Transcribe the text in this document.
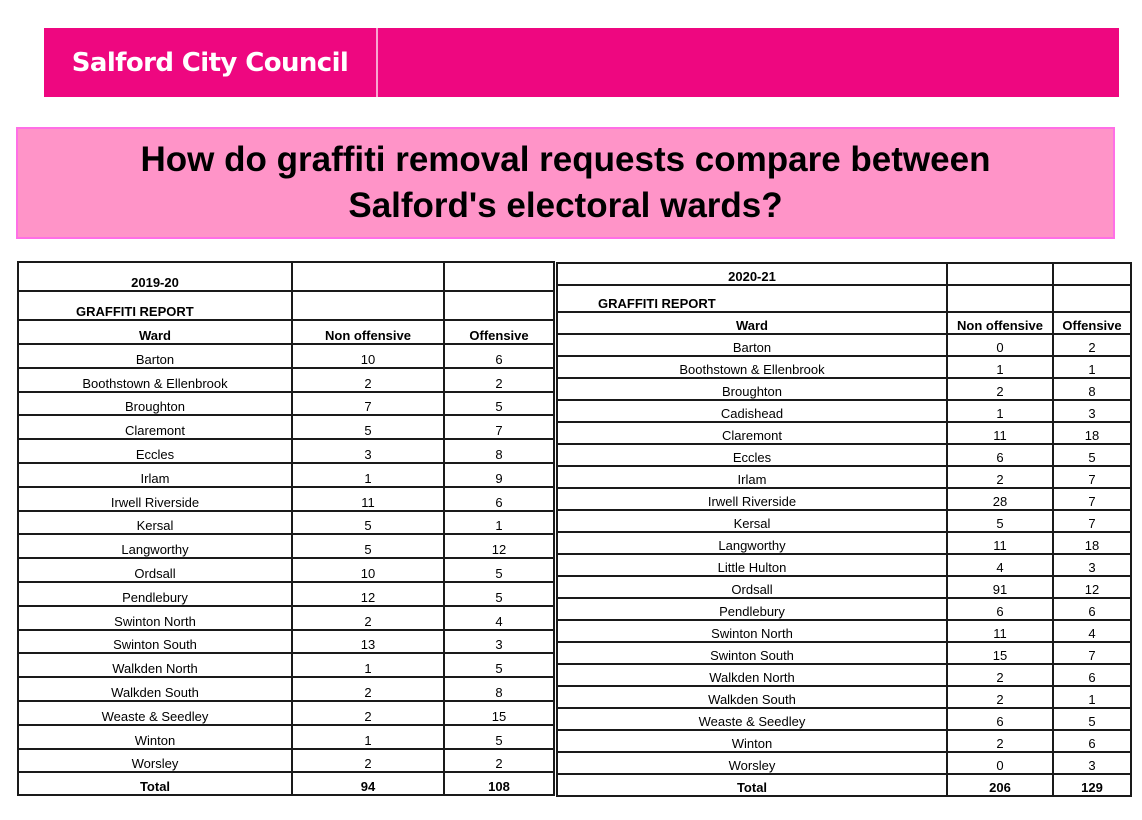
Salford City Council
How do graffiti removal requests compare between
Salford's electoral wards?
2019-20		
GRAFFITI REPORT		
Ward	Non offensive	Offensive
Barton	10	6
Boothstown & Ellenbrook	2	2
Broughton	7	5
Claremont	5	7
Eccles	3	8
Irlam	1	9
Irwell Riverside	11	6
Kersal	5	1
Langworthy	5	12
Ordsall	10	5
Pendlebury	12	5
Swinton North	2	4
Swinton South	13	3
Walkden North	1	5
Walkden South	2	8
Weaste & Seedley	2	15
Winton	1	5
Worsley	2	2
Total	94	108
2020-21		
GRAFFITI REPORT		
Ward	Non offensive	Offensive
Barton	0	2
Boothstown & Ellenbrook	1	1
Broughton	2	8
Cadishead	1	3
Claremont	11	18
Eccles	6	5
Irlam	2	7
Irwell Riverside	28	7
Kersal	5	7
Langworthy	11	18
Little Hulton	4	3
Ordsall	91	12
Pendlebury	6	6
Swinton North	11	4
Swinton South	15	7
Walkden North	2	6
Walkden South	2	1
Weaste & Seedley	6	5
Winton	2	6
Worsley	0	3
Total	206	129
